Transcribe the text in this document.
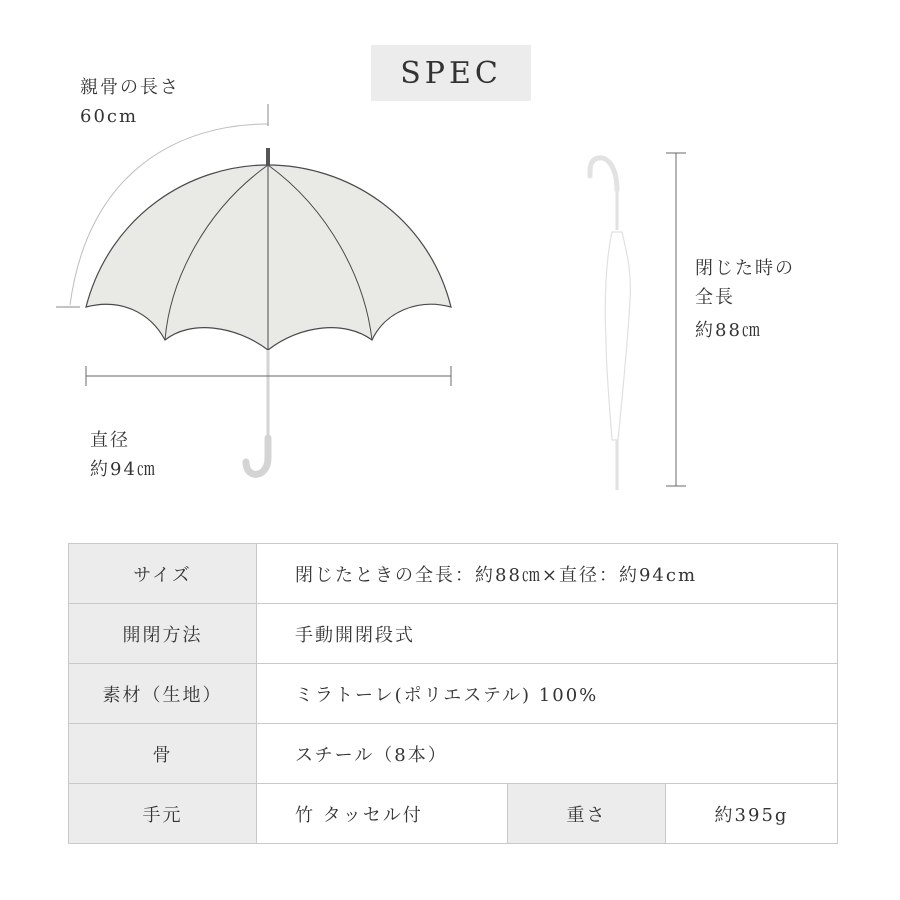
SPEC
親骨の長さ
60cm
直径
約94㎝
閉じた時の
全長
約88㎝
サイズ	閉じたときの全長：約88㎝×直径：約94cm		
開閉方法	手動開閉段式		
素材（生地）	ミラトーレ(ポリエステル) 100%		
骨	スチール（8本）		
手元	竹 タッセル付	重さ	約395g
